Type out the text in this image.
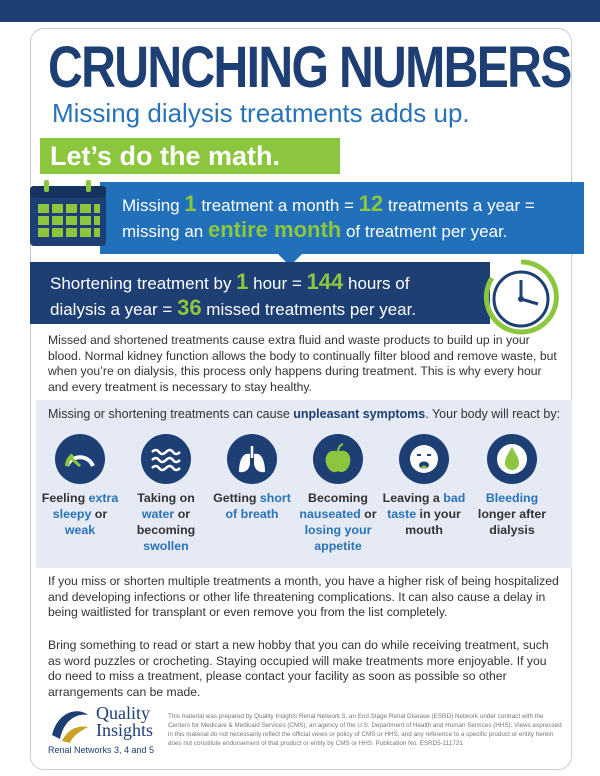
CRUNCHING NUMBERS
Missing dialysis treatments adds up.
Let’s do the math.
Missing 1 treatment a month = 12 treatments a year =
missing an entire month of treatment per year.
Shortening treatment by 1 hour = 144 hours of
dialysis a year = 36 missed treatments per year.
Missed and shortened treatments cause extra fluid and waste products to build up in your blood. Normal kidney function allows the body to continually filter blood and remove waste, but when you’re on dialysis, this process only happens during treatment. This is why every hour and every treatment is necessary to stay healthy.
Missing or shortening treatments can cause unpleasant symptoms. Your body will react by:
Feeling extra sleepy or weak
Taking on water or becoming swollen
Getting short of breath
Becoming nauseated or losing your appetite
Leaving a bad taste in your mouth
Bleeding longer after dialysis
If you miss or shorten multiple treatments a month, you have a higher risk of being hospitalized and developing infections or other life threatening complications. It can also cause a delay in being waitlisted for transplant or even remove you from the list completely.
Bring something to read or start a new hobby that you can do while receiving treatment, such as word puzzles or crocheting. Staying occupied will make treatments more enjoyable. If you do need to miss a treatment, please contact your facility as soon as possible so other arrangements can be made.
Quality
Insights
Renal Networks 3, 4 and 5
This material was prepared by Quality Insights Renal Network 5, an End Stage Renal Disease (ESRD) Network under contract with the Centers for Medicare & Medicaid Services (CMS), an agency of the U.S. Department of Health and Human Services (HHS). Views expressed in this material do not necessarily reflect the official views or policy of CMS or HHS, and any reference to a specific product or entity herein does not constitute endorsement of that product or entity by CMS or HHS. Publication No. ESRD5-111721
